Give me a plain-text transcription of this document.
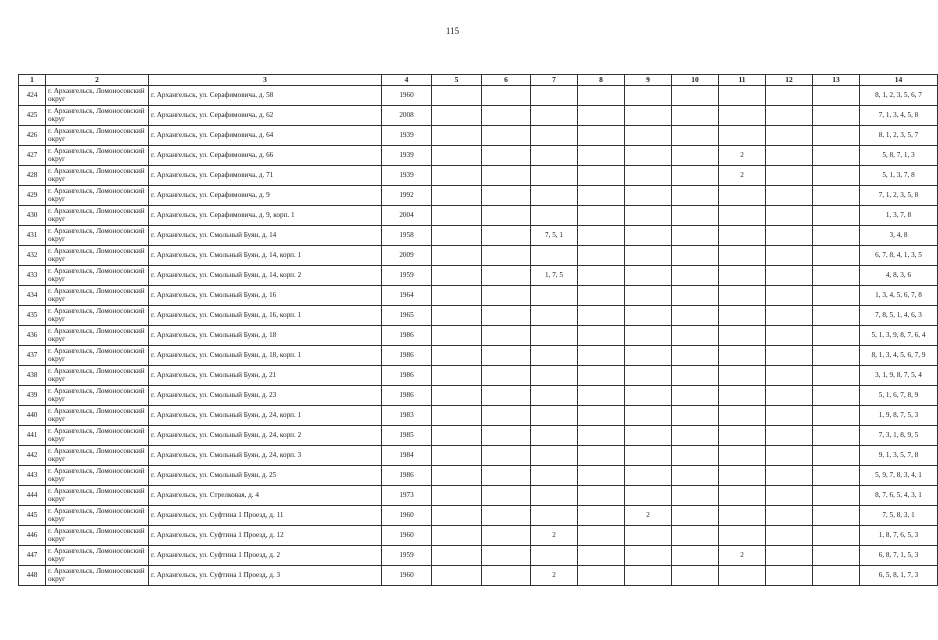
115
1	2	3	4	5	6	7	8	9	10	11	12	13	14
424	г. Архангельск, Ломоносовский округ	г. Архангельск, ул. Серафимовича, д. 58	1960										8, 1, 2, 3, 5, 6, 7
425	г. Архангельск, Ломоносовский округ	г. Архангельск, ул. Серафимовича, д. 62	2008										7, 1, 3, 4, 5, 8
426	г. Архангельск, Ломоносовский округ	г. Архангельск, ул. Серафимовича, д. 64	1939										8, 1, 2, 3, 5, 7
427	г. Архангельск, Ломоносовский округ	г. Архангельск, ул. Серафимовича, д. 66	1939							2			5, 8, 7, 1, 3
428	г. Архангельск, Ломоносовский округ	г. Архангельск, ул. Серафимовича, д. 71	1939							2			5, 1, 3, 7, 8
429	г. Архангельск, Ломоносовский округ	г. Архангельск, ул. Серафимовича, д. 9	1992										7, 1, 2, 3, 5, 8
430	г. Архангельск, Ломоносовский округ	г. Архангельск, ул. Серафимовича, д. 9, корп. 1	2004										1, 3, 7, 8
431	г. Архангельск, Ломоносовский округ	г. Архангельск, ул. Смольный Буян, д. 14	1958			7, 5, 1							3, 4, 8
432	г. Архангельск, Ломоносовский округ	г. Архангельск, ул. Смольный Буян, д. 14, корп. 1	2009										6, 7, 8, 4, 1, 3, 5
433	г. Архангельск, Ломоносовский округ	г. Архангельск, ул. Смольный Буян, д. 14, корп. 2	1959			1, 7, 5							4, 8, 3, 6
434	г. Архангельск, Ломоносовский округ	г. Архангельск, ул. Смольный Буян, д. 16	1964										1, 3, 4, 5, 6, 7, 8
435	г. Архангельск, Ломоносовский округ	г. Архангельск, ул. Смольный Буян, д. 16, корп. 1	1965										7, 8, 5, 1, 4, 6, 3
436	г. Архангельск, Ломоносовский округ	г. Архангельск, ул. Смольный Буян, д. 18	1986										5, 1, 3, 9, 8, 7, 6, 4
437	г. Архангельск, Ломоносовский округ	г. Архангельск, ул. Смольный Буян, д. 18, корп. 1	1986										8, 1, 3, 4, 5, 6, 7, 9
438	г. Архангельск, Ломоносовский округ	г. Архангельск, ул. Смольный Буян, д. 21	1986										3, 1, 9, 8, 7, 5, 4
439	г. Архангельск, Ломоносовский округ	г. Архангельск, ул. Смольный Буян, д. 23	1986										5, 1, 6, 7, 8, 9
440	г. Архангельск, Ломоносовский округ	г. Архангельск, ул. Смольный Буян, д. 24, корп. 1	1983										1, 9, 8, 7, 5, 3
441	г. Архангельск, Ломоносовский округ	г. Архангельск, ул. Смольный Буян, д. 24, корп. 2	1985										7, 3, 1, 8, 9, 5
442	г. Архангельск, Ломоносовский округ	г. Архангельск, ул. Смольный Буян, д. 24, корп. 3	1984										9, 1, 3, 5, 7, 8
443	г. Архангельск, Ломоносовский округ	г. Архангельск, ул. Смольный Буян, д. 25	1986										5, 9, 7, 8, 3, 4, 1
444	г. Архангельск, Ломоносовский округ	г. Архангельск, ул. Стрелковая, д. 4	1973										8, 7, 6, 5, 4, 3, 1
445	г. Архангельск, Ломоносовский округ	г. Архангельск, ул. Суфтина 1 Проезд, д. 11	1960					2					7, 5, 8, 3, 1
446	г. Архангельск, Ломоносовский округ	г. Архангельск, ул. Суфтина 1 Проезд, д. 12	1960			2							1, 8, 7, 6, 5, 3
447	г. Архангельск, Ломоносовский округ	г. Архангельск, ул. Суфтина 1 Проезд, д. 2	1959							2			6, 8, 7, 1, 5, 3
448	г. Архангельск, Ломоносовский округ	г. Архангельск, ул. Суфтина 1 Проезд, д. 3	1960			2							6, 5, 8, 1, 7, 3
